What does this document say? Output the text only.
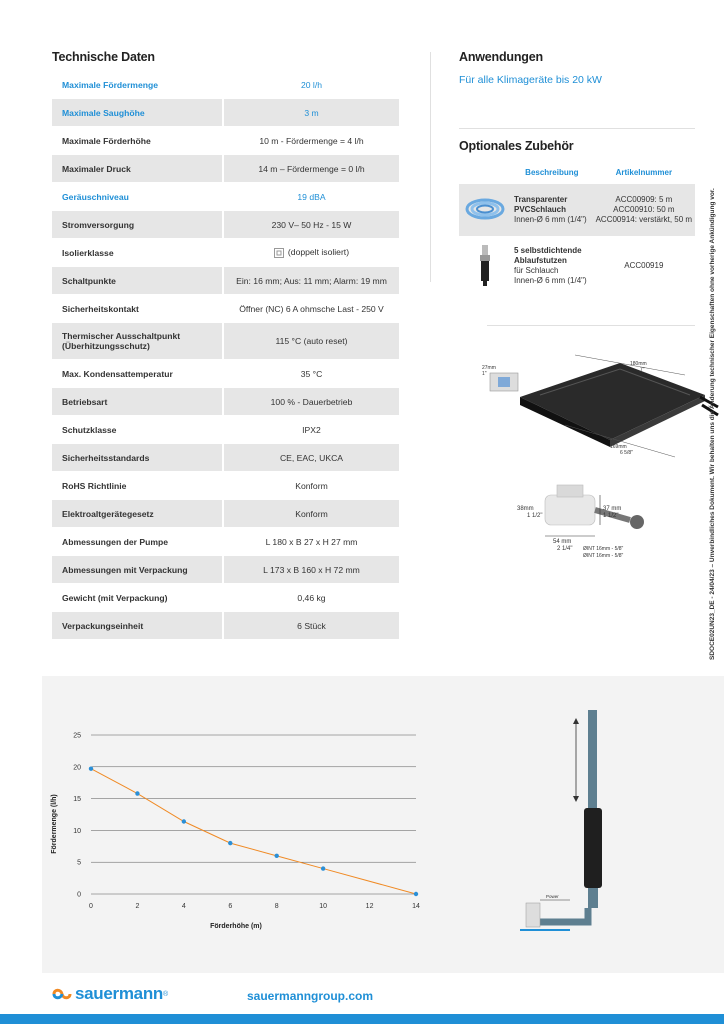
Technische Daten
Maximale Fördermenge	20 l/h
Maximale Saughöhe	3 m
Maximale Förderhöhe	10 m - Fördermenge = 4 l/h
Maximaler Druck	14 m – Fördermenge = 0 l/h
Geräuschniveau	19 dBA
Stromversorgung	230 V– 50 Hz - 15 W
Isolierklasse	(doppelt isoliert)
Schaltpunkte	Ein: 16 mm; Aus: 11 mm; Alarm: 19 mm
Sicherheitskontakt	Öffner (NC) 6 A ohmsche Last - 250 V
Thermischer Ausschaltpunkt (Überhitzungsschutz)	115 °C (auto reset)
Max. Kondensattemperatur	35 °C
Betriebsart	100 % - Dauerbetrieb
Schutzklasse	IPX2
Sicherheitsstandards	CE, EAC, UKCA
RoHS Richtlinie	Konform
Elektroaltgerätegesetz	Konform
Abmessungen der Pumpe	L 180 x B 27 x H 27 mm
Abmessungen mit Verpackung	L 173 x B 160 x H 72 mm
Gewicht (mit Verpackung)	0,46 kg
Verpackungseinheit	6 Stück
Anwendungen
Für alle Klimageräte bis 20 kW
Optionales Zubehör
	Beschreibung	Artikelnummer
	Transparenter
PVCSchlauch
Innen-Ø 6 mm (1/4")	ACC00909: 5 m
ACC00910: 50 m
ACC00914: verstärkt, 50 m
	5 selbstdichtende
Ablaufstutzen
für Schlauch
Innen-Ø 6 mm (1/4")	ACC00919
180mm
7"
169mm
6 5/8"
27mm
1"
38mm
1 1/2"
54 mm
2 1/4"
37 mm
1 1/2"
ØINT 16mm - 5/8"
ØINT 16mm - 5/8"	SDOCE02UN23_DE - 24/04/23 – Unverbindliches Dokument. Wir behalten uns die Änderung technischer Eigenschaften ohne vorherige Ankündigung vor.
0
5
10
15
20
25
0	2	4	6	8	10	12	14
Förderhöhe (m)
Fördermenge (l/h)
Power
sauermann ®	sauermanngroup.com
